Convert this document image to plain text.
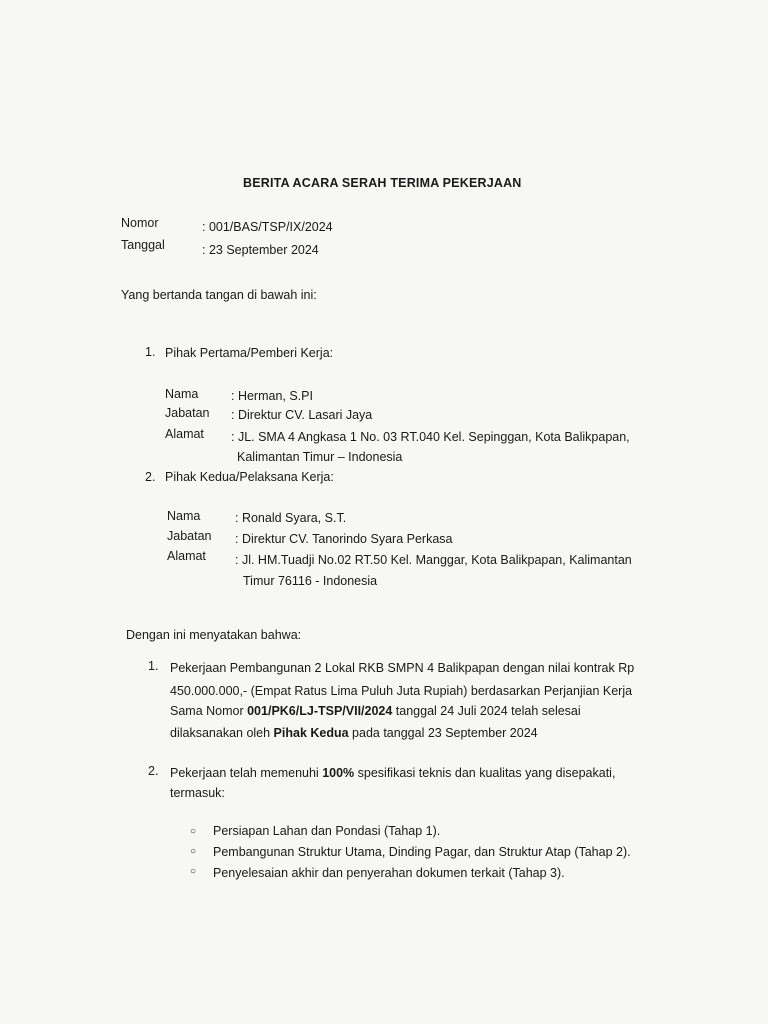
BERITA ACARA SERAH TERIMA PEKERJAAN
Nomor	: 001/BAS/TSP/IX/2024
Tanggal	: 23 September 2024
Yang bertanda tangan di bawah ini:
1. Pihak Pertama/Pemberi Kerja:
Nama	: Herman, S.PI
Jabatan : Direktur CV. Lasari Jaya
Alamat : JL. SMA 4 Angkasa 1 No. 03 RT.040 Kel. Sepinggan, Kota Balikpapan,
Kalimantan Timur – Indonesia
2. Pihak Kedua/Pelaksana Kerja:
Nama	: Ronald Syara, S.T.
Jabatan : Direktur CV. Tanorindo Syara Perkasa
Alamat : Jl. HM.Tuadji No.02 RT.50 Kel. Manggar, Kota Balikpapan, Kalimantan
Timur 76116 - Indonesia
Dengan ini menyatakan bahwa:
1. Pekerjaan Pembangunan 2 Lokal RKB SMPN 4 Balikpapan dengan nilai kontrak Rp
450.000.000,- (Empat Ratus Lima Puluh Juta Rupiah) berdasarkan Perjanjian Kerja
Sama Nomor 001/PK6/LJ-TSP/VII/2024 tanggal 24 Juli 2024 telah selesai
dilaksanakan oleh Pihak Kedua pada tanggal 23 September 2024
2. Pekerjaan telah memenuhi 100% spesifikasi teknis dan kualitas yang disepakati,
termasuk:
○ Persiapan Lahan dan Pondasi (Tahap 1).
○ Pembangunan Struktur Utama, Dinding Pagar, dan Struktur Atap (Tahap 2).
○ Penyelesaian akhir dan penyerahan dokumen terkait (Tahap 3).
